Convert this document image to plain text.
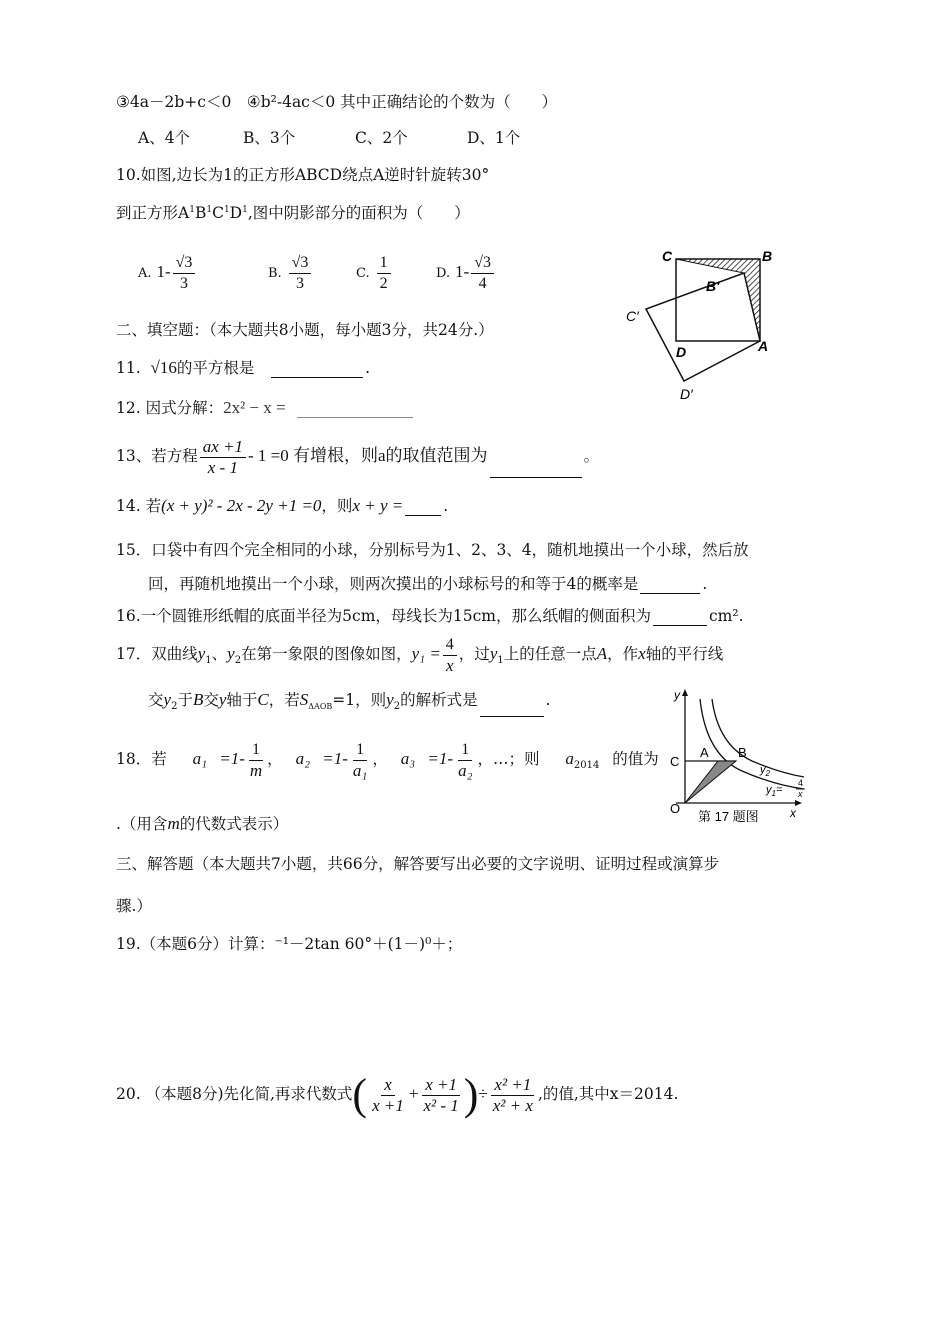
③4a－2b+c＜0　④b²-4ac＜0 其中正确结论的个数为（　　）
A、4个	B、3个	C、2个	D、1个
10.如图,边长为1的正方形ABCD绕点A逆时针旋转30°
到正方形$A^1B^1C^1D^1$,图中阴影部分的面积为（　　）
A. $1- \frac{√3}{3}$	B. $\frac{√3}{3}$	C. $\frac{1}{2}$	D. $1- \frac{√3}{4}$	C	B
B′
C′
D	A
D′
二、填空题：（本大题共8小题，每小题3分，共24分.）
11. √16的平方根是	.
12. 因式分解：2x² − x =
13、若方程 $\frac{ax +1}{x - 1} - 1 =0$ 有增根，则a的取值范围为	。
14. 若(x + y)² - 2x - 2y +1 =0，则x + y =	.
15．口袋中有四个完全相同的小球，分别标号为1、2、3、4，随机地摸出一个小球，然后放
回，再随机地摸出一个小球，则两次摸出的小球标号的和等于4的概率是	.
16.一个圆锥形纸帽的底面半径为5cm，母线长为15cm，那么纸帽的侧面积为	cm².
17．双曲线$y_1$、$y_2$在第一象限的图像如图，$y_1 = \frac{4}{x}$ ，过$y_1$上的任意一点A，作x轴的平行线
交$y_2$于B交y轴于C，若$S_{\Delta AOB}=1$，则$y_2$的解析式是	.	y
x
C
A B
O
$y_2$
$y_1=$
4
x
第 17 题图
18．若 $a_1 =1- \frac{1}{m}$ ， $a_2 =1- \frac{1}{\text{a₁}}$ ， $a_3 =1- \frac{1}{\text{a₂}}$ ，…；则 $a_{2014}$ 的值为
.（用含m的代数式表示）
三、解答题（本大题共7小题，共66分，解答要写出必要的文字说明、证明过程或演算步
骤.）
19.（本题6分）计算：⁻¹－2tan 60°＋(1－)⁰＋；
20. （本题8分)先化简,再求代数式( $\frac{x}{x +1} + \frac{x +1}{\text{x² - 1}}$ )÷ $\frac{\text{x² +1}}{\text{x² + x}}$ ,的值,其中x＝2014.
